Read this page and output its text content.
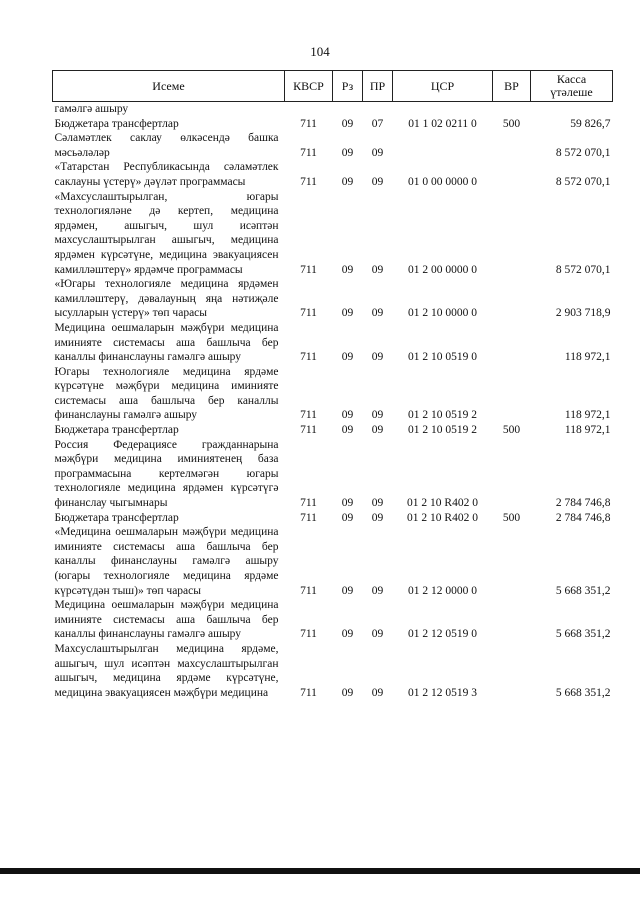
104
Исеме	КВСР	Рз	ПР	ЦСР	ВР	Касса
үтәлеше
гамәлгә ашыру						
Бюджетара трансфертлар	711	09	07	01 1 02 0211 0	500	59 826,7
Сәламәтлек саклау өлкәсендә башка мәсьәләләр	711	09	09			8 572 070,1
«Татарстан Республикасында сәламәтлек саклауны үстерү» дәүләт программасы	711	09	09	01 0 00 0000 0		8 572 070,1
«Махсуслаштырылган, югары технологияләне дә кертеп, медицина ярдәмен, ашыгыч, шул исәптән махсуслаштырылган ашыгыч, медицина ярдәмен күрсәтүне, медицина эвакуациясен камилләштерү» ярдәмче программасы	711	09	09	01 2 00 0000 0		8 572 070,1
«Югары технологияле медицина ярдәмен камилләштерү, дәвалауның яңа нәтиҗәле ысулларын үстерү» төп чарасы	711	09	09	01 2 10 0000 0		2 903 718,9
Медицина оешмаларын мәҗбүри медицина иминияте системасы аша башлыча бер каналлы финанслауны гамәлгә ашыру	711	09	09	01 2 10 0519 0		118 972,1
Югары технологияле медицина ярдәме күрсәтүне мәҗбүри медицина иминияте системасы аша башлыча бер каналлы финанслауны гамәлгә ашыру	711	09	09	01 2 10 0519 2		118 972,1
Бюджетара трансфертлар	711	09	09	01 2 10 0519 2	500	118 972,1
Россия Федерациясе гражданнарына мәҗбүри медицина иминиятенең база программасына кертелмәгән югары технологияле медицина ярдәмен күрсәтүгә финанслау чыгымнары	711	09	09	01 2 10 R402 0		2 784 746,8
Бюджетара трансфертлар	711	09	09	01 2 10 R402 0	500	2 784 746,8
«Медицина оешмаларын мәҗбүри медицина иминияте системасы аша башлыча бер каналлы финанслауны гамәлгә ашыру (югары технологияле медицина ярдәме күрсәтүдән тыш)» төп чарасы	711	09	09	01 2 12 0000 0		5 668 351,2
Медицина оешмаларын мәҗбүри медицина иминияте системасы аша башлыча бер каналлы финанслауны гамәлгә ашыру	711	09	09	01 2 12 0519 0		5 668 351,2
Махсуслаштырылган медицина ярдәме, ашыгыч, шул исәптән махсуслаштырылган ашыгыч, медицина ярдәме күрсәтүне, медицина эвакуациясен мәҗбүри медицина	711	09	09	01 2 12 0519 3		5 668 351,2
